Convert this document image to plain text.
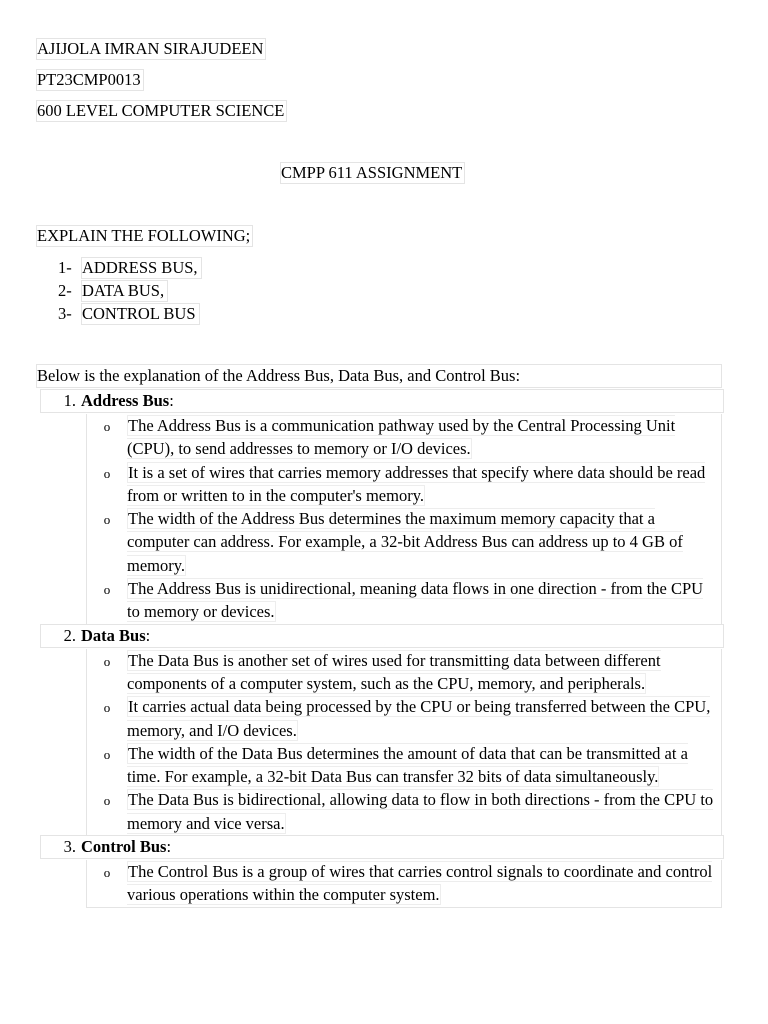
AJIJOLA IMRAN SIRAJUDEEN
PT23CMP0013
600 LEVEL COMPUTER SCIENCE
CMPP 611 ASSIGNMENT
EXPLAIN THE FOLLOWING;
1- ADDRESS BUS,
2- DATA BUS,
3- CONTROL BUS
Below is the explanation of the Address Bus, Data Bus, and Control Bus:
1. Address Bus:
o	The Address Bus is a communication pathway used by the Central Processing Unit (CPU), to send addresses to memory or I/O devices.
o	It is a set of wires that carries memory addresses that specify where data should be read from or written to in the computer's memory.
o	The width of the Address Bus determines the maximum memory capacity that a computer can address. For example, a 32-bit Address Bus can address up to 4 GB of memory.
o	The Address Bus is unidirectional, meaning data flows in one direction - from the CPU to memory or devices.
2. Data Bus:
o	The Data Bus is another set of wires used for transmitting data between different components of a computer system, such as the CPU, memory, and peripherals.
o	It carries actual data being processed by the CPU or being transferred between the CPU, memory, and I/O devices.
o	The width of the Data Bus determines the amount of data that can be transmitted at a time. For example, a 32-bit Data Bus can transfer 32 bits of data simultaneously.
o	The Data Bus is bidirectional, allowing data to flow in both directions - from the CPU to memory and vice versa.
3. Control Bus:
o	The Control Bus is a group of wires that carries control signals to coordinate and control various operations within the computer system.
